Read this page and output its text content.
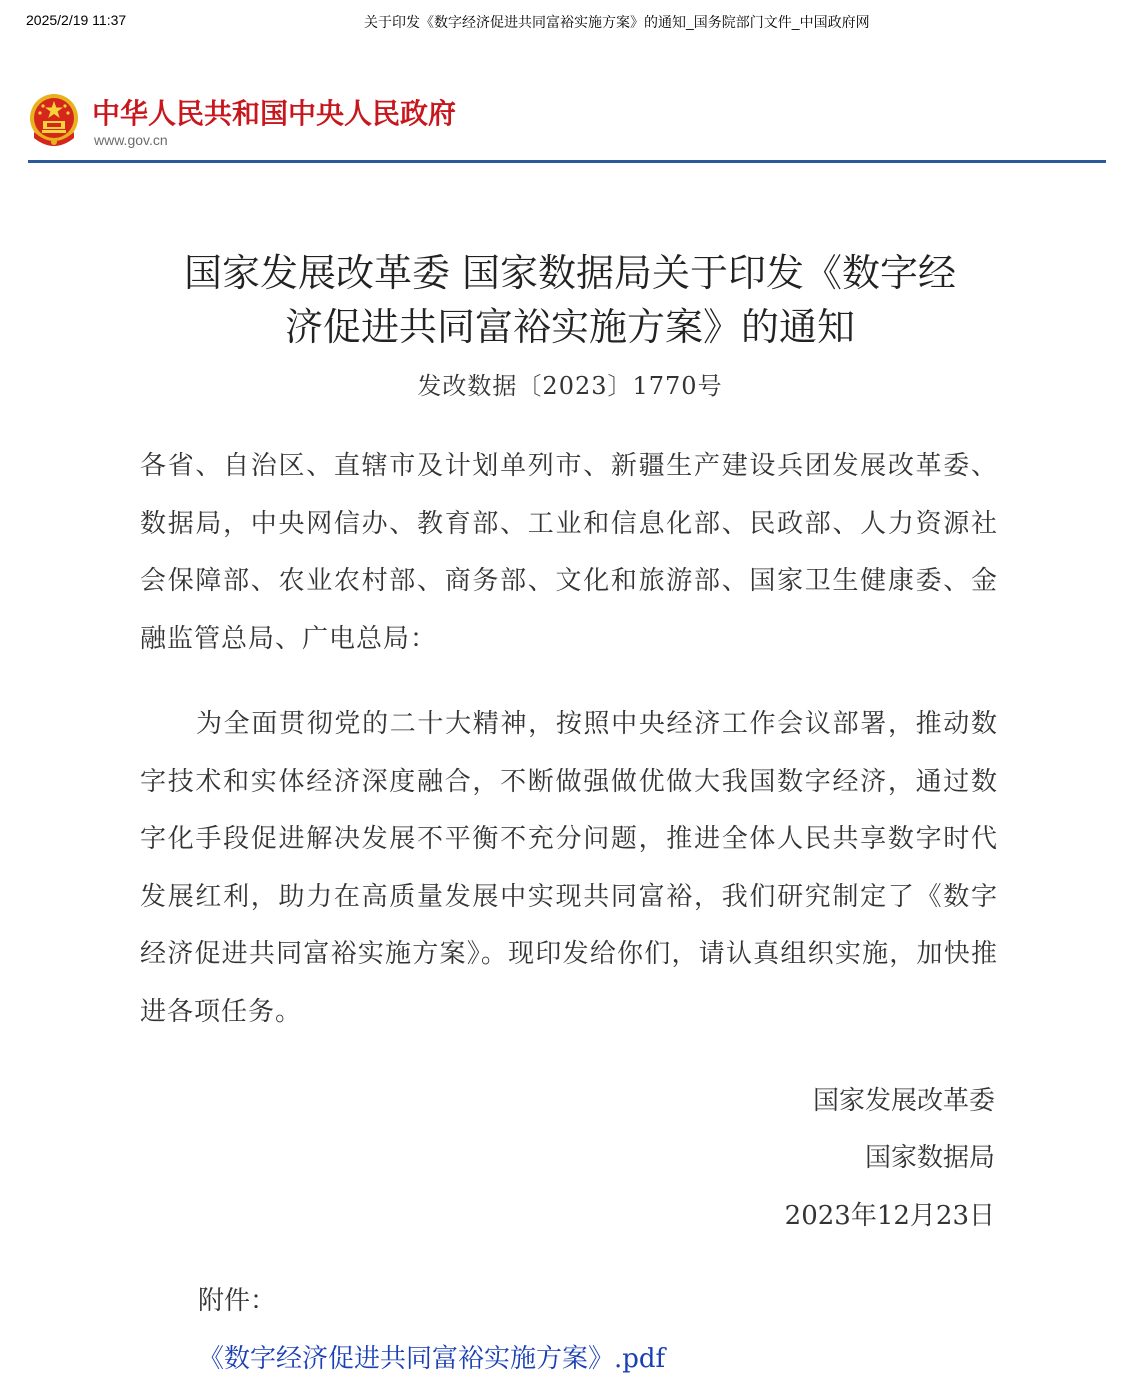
2025/2/19 11:37	关于印发《数字经济促进共同富裕实施方案》的通知_国务院部门文件_中国政府网
中华人民共和国中央人民政府
www.gov.cn
国家发展改革委 国家数据局关于印发《数字经
济促进共同富裕实施方案》的通知
发改数据〔2023〕1770号

各省、自治区、直辖市及计划单列市、新疆生产建设兵团发展改革委、数据局，中央网信办、教育部、工业和信息化部、民政部、人力资源社会保障部、农业农村部、商务部、文化和旅游部、国家卫生健康委、金融监管总局、广电总局：

为全面贯彻党的二十大精神，按照中央经济工作会议部署，推动数字技术和实体经济深度融合，不断做强做优做大我国数字经济，通过数字化手段促进解决发展不平衡不充分问题，推进全体人民共享数字时代发展红利，助力在高质量发展中实现共同富裕，我们研究制定了《数字经济促进共同富裕实施方案》。现印发给你们，请认真组织实施，加快推进各项任务。

国家发展改革委
国家数据局
2023年12月23日
附件：
《数字经济促进共同富裕实施方案》.pdf
